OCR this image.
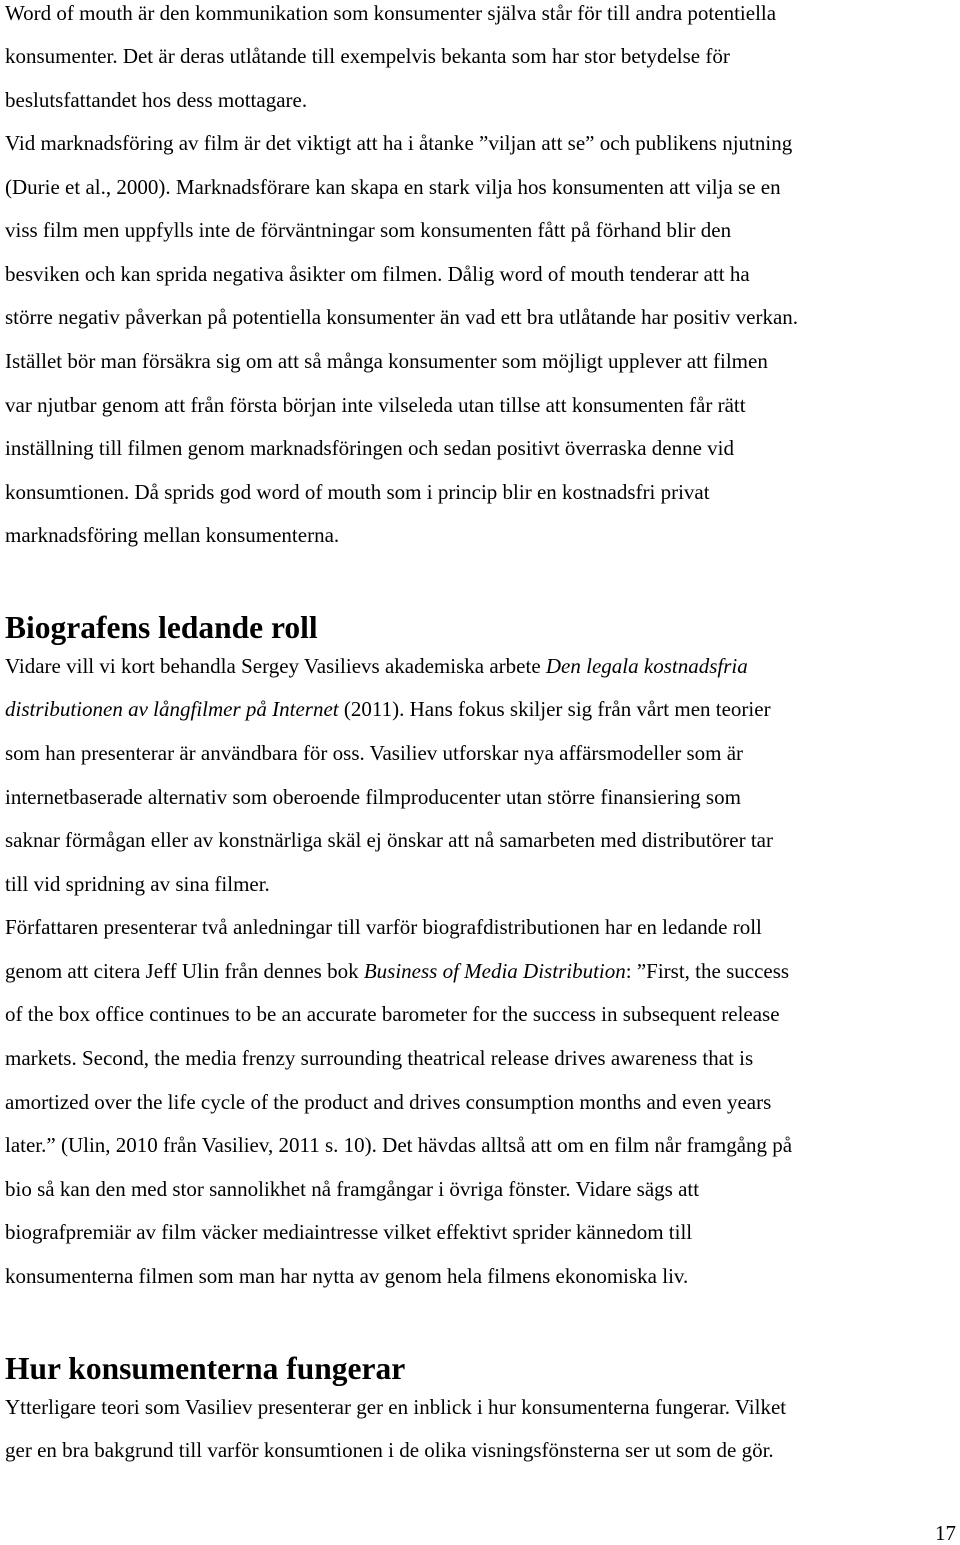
Word of mouth är den kommunikation som konsumenter själva står för till andra potentiella

konsumenter. Det är deras utlåtande till exempelvis bekanta som har stor betydelse för

beslutsfattandet hos dess mottagare.

Vid marknadsföring av film är det viktigt att ha i åtanke ”viljan att se” och publikens njutning

(Durie et al., 2000). Marknadsförare kan skapa en stark vilja hos konsumenten att vilja se en

viss film men uppfylls inte de förväntningar som konsumenten fått på förhand blir den

besviken och kan sprida negativa åsikter om filmen. Dålig word of mouth tenderar att ha

större negativ påverkan på potentiella konsumenter än vad ett bra utlåtande har positiv verkan.

Istället bör man försäkra sig om att så många konsumenter som möjligt upplever att filmen

var njutbar genom att från första början inte vilseleda utan tillse att konsumenten får rätt

inställning till filmen genom marknadsföringen och sedan positivt överraska denne vid

konsumtionen. Då sprids god word of mouth som i princip blir en kostnadsfri privat

marknadsföring mellan konsumenterna.

Biografens ledande roll

Vidare vill vi kort behandla Sergey Vasilievs akademiska arbete Den legala kostnadsfria

distributionen av långfilmer på Internet (2011). Hans fokus skiljer sig från vårt men teorier

som han presenterar är användbara för oss. Vasiliev utforskar nya affärsmodeller som är

internetbaserade alternativ som oberoende filmproducenter utan större finansiering som

saknar förmågan eller av konstnärliga skäl ej önskar att nå samarbeten med distributörer tar

till vid spridning av sina filmer.

Författaren presenterar två anledningar till varför biografdistributionen har en ledande roll

genom att citera Jeff Ulin från dennes bok Business of Media Distribution: ”First, the success

of the box office continues to be an accurate barometer for the success in subsequent release

markets. Second, the media frenzy surrounding theatrical release drives awareness that is

amortized over the life cycle of the product and drives consumption months and even years

later.” (Ulin, 2010 från Vasiliev, 2011 s. 10). Det hävdas alltså att om en film når framgång på

bio så kan den med stor sannolikhet nå framgångar i övriga fönster. Vidare sägs att

biografpremiär av film väcker mediaintresse vilket effektivt sprider kännedom till

konsumenterna filmen som man har nytta av genom hela filmens ekonomiska liv.

Hur konsumenterna fungerar

Ytterligare teori som Vasiliev presenterar ger en inblick i hur konsumenterna fungerar. Vilket

ger en bra bakgrund till varför konsumtionen i de olika visningsfönsterna ser ut som de gör.

17
